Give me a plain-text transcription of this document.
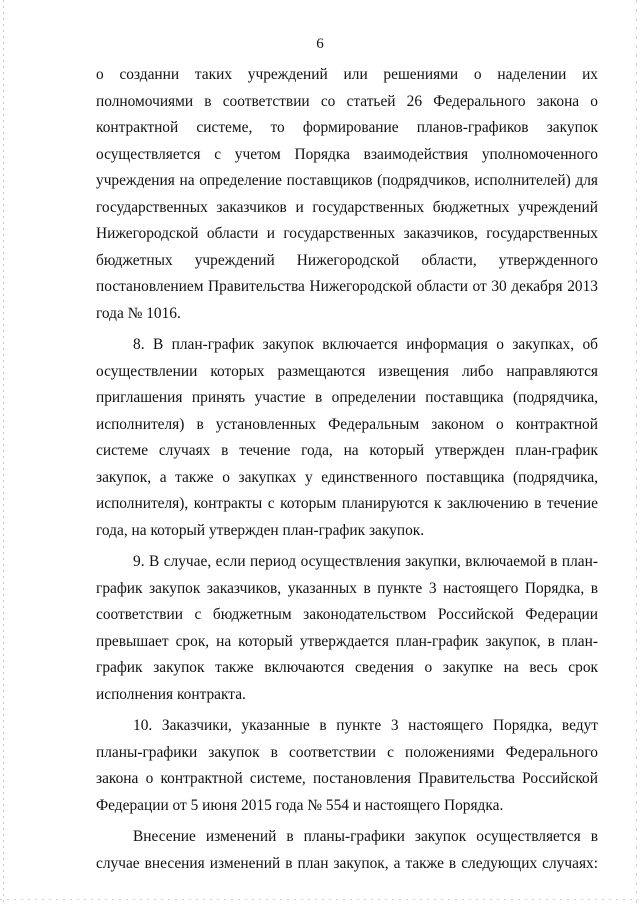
6
о созданни таких учреждений или решениями о наделении их
полномочиями в соответствии со статьей 26 Федерального закона о
контрактной системе, то формирование планов-графиков закупок
осуществляется с учетом Порядка взаимодействия уполномоченного
учреждения на определение поставщиков (подрядчиков, исполнителей) для
государственных заказчиков и государственных бюджетных учреждений
Нижегородской области и государственных заказчиков, государственных
бюджетных учреждений Нижегородской области, утвержденного
постановлением Правительства Нижегородской области от 30 декабря 2013
года № 1016.
8. В план-график закупок включается информация о закупках, об
осуществлении которых размещаются извещения либо направляются
приглашения принять участие в определении поставщика (подрядчика,
исполнителя) в установленных Федеральным законом о контрактной
системе случаях в течение года, на который утвержден план-график
закупок, а также о закупках у единственного поставщика (подрядчика,
исполнителя), контракты с которым планируются к заключению в течение
года, на который утвержден план-график закупок.
9. В случае, если период осуществления закупки, включаемой в план-
график закупок заказчиков, указанных в пункте 3 настоящего Порядка, в
соответствии с бюджетным законодательством Российской Федерации
превышает срок, на который утверждается план-график закупок, в план-
график закупок также включаются сведения о закупке на весь срок
исполнения контракта.
10. Заказчики, указанные в пункте 3 настоящего Порядка, ведут
планы-графики закупок в соответствии с положениями Федерального
закона о контрактной системе, постановления Правительства Российской
Федерации от 5 июня 2015 года № 554 и настоящего Порядка.
Внесение изменений в планы-графики закупок осуществляется в
случае внесения изменений в план закупок, а также в следующих случаях:
